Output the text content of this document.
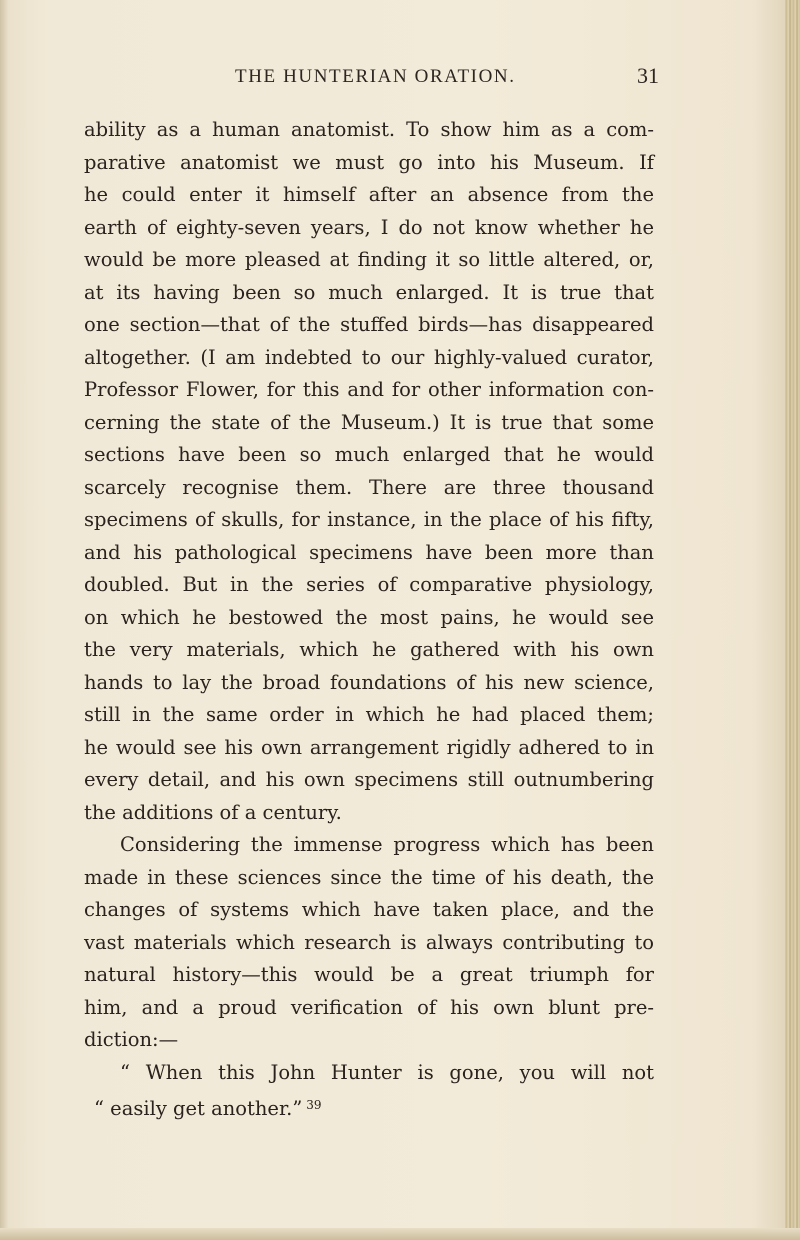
THE HUNTERIAN ORATION.	31
ability as a human anatomist. To show him as a com-
parative anatomist we must go into his Museum. If
he could enter it himself after an absence from the
earth of eighty-seven years, I do not know whether he
would be more pleased at finding it so little altered, or,
at its having been so much enlarged. It is true that
one section—that of the stuffed birds—has disappeared
altogether. (I am indebted to our highly-valued curator,
Professor Flower, for this and for other information con-
cerning the state of the Museum.) It is true that some
sections have been so much enlarged that he would
scarcely recognise them. There are three thousand
specimens of skulls, for instance, in the place of his fifty,
and his pathological specimens have been more than
doubled. But in the series of comparative physiology,
on which he bestowed the most pains, he would see
the very materials, which he gathered with his own
hands to lay the broad foundations of his new science,
still in the same order in which he had placed them;
he would see his own arrangement rigidly adhered to in
every detail, and his own specimens still outnumbering
the additions of a century.
Considering the immense progress which has been
made in these sciences since the time of his death, the
changes of systems which have taken place, and the
vast materials which research is always contributing to
natural history—this would be a great triumph for
him, and a proud verification of his own blunt pre-
diction:—
“ When this John Hunter is gone, you will not
“ easily get another.” $^{39}$
